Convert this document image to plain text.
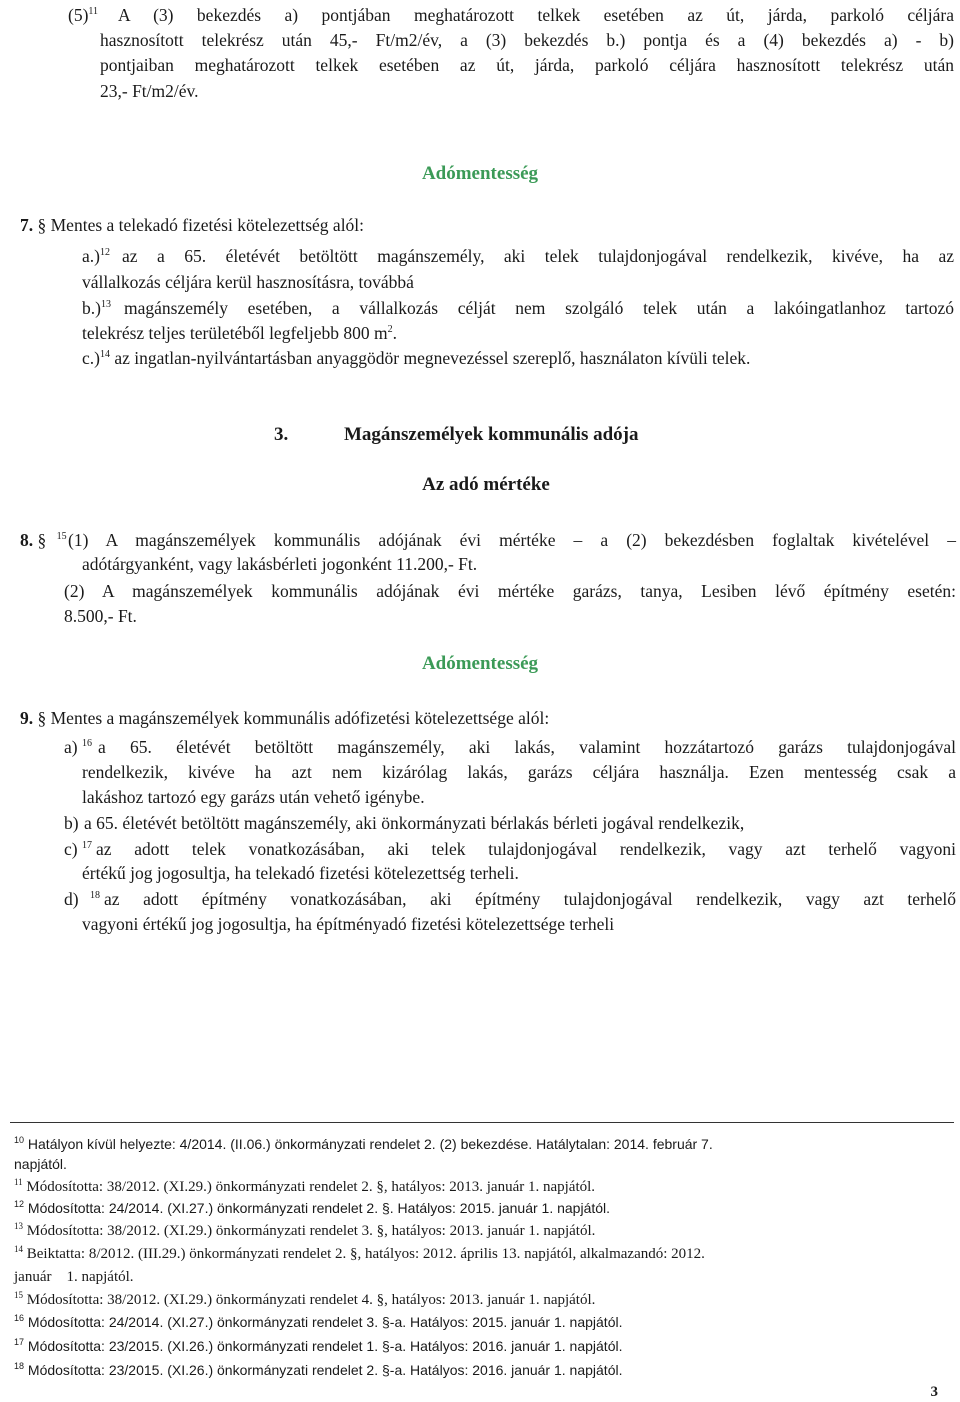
$(5)^{11}$ A (3) bekezdés a) pontjában meghatározott telkek esetében az út, járda, parkoló céljára
hasznosított telekrész után 45,- Ft/m2/év, a (3) bekezdés b.) pontja és a (4) bekezdés a) - b)
pontjaiban meghatározott telkek esetében az út, járda, parkoló céljára hasznosított telekrész után
23,- Ft/m2/év.
Adómentesség
7. § Mentes a telekadó fizetési kötelezettség alól:
a.)$^{12}$ az a 65. életévét betöltött magánszemély, aki telek tulajdonjogával rendelkezik, kivéve, ha az
vállalkozás céljára kerül hasznosításra, továbbá
b.)$^{13}$ magánszemély esetében, a vállalkozás célját nem szolgáló telek után a lakóingatlanhoz tartozó
telekrész teljes területéből legfeljebb 800 $m^2$.
c.)$^{14}$ az ingatlan-nyilvántartásban anyaggödör megnevezéssel szereplő, használaton kívüli telek.
3.	Magánszemélyek kommunális adója
Az adó mértéke
8. § $^{15}$ (1) A magánszemélyek kommunális adójának évi mértéke – a (2) bekezdésben foglaltak kivételével –
adótárgyanként, vagy lakásbérleti jogonként 11.200,- Ft.
(2) A magánszemélyek kommunális adójának évi mértéke garázs, tanya, Lesiben lévő építmény esetén:
8.500,- Ft.
Adómentesség
9. § Mentes a magánszemélyek kommunális adófizetési kötelezettsége alól:
a) $^{16}$ a 65. életévét betöltött magánszemély, aki lakás, valamint hozzátartozó garázs tulajdonjogával
rendelkezik, kivéve ha azt nem kizárólag lakás, garázs céljára használja. Ezen mentesség csak a
lakáshoz tartozó egy garázs után vehető igénybe.
b) a 65. életévét betöltött magánszemély, aki önkormányzati bérlakás bérleti jogával rendelkezik,
c) $^{17}$ az adott telek vonatkozásában, aki telek tulajdonjogával rendelkezik, vagy azt terhelő vagyoni
értékű jog jogosultja, ha telekadó fizetési kötelezettség terheli.
d) $^{18}$ az adott építmény vonatkozásában, aki építmény tulajdonjogával rendelkezik, vagy azt terhelő
vagyoni értékű jog jogosultja, ha építményadó fizetési kötelezettsége terheli
$^{10}$ Hatályon kívül helyezte: 4/2014. (II.06.) önkormányzati rendelet 2. (2) bekezdése. Hatálytalan: 2014. február 7.
napjától.
$^{11}$ Módosította: 38/2012. (XI.29.) önkormányzati rendelet 2. §, hatályos: 2013. január 1. napjától.
$^{12}$ Módosította: 24/2014. (XI.27.) önkormányzati rendelet 2. §. Hatályos: 2015. január 1. napjától.
$^{13}$ Módosította: 38/2012. (XI.29.) önkormányzati rendelet 3. §, hatályos: 2013. január 1. napjától.
$^{14}$ Beiktatta: 8/2012. (III.29.) önkormányzati rendelet 2. §, hatályos: 2012. április 13. napjától, alkalmazandó: 2012.
január    1. napjától.
$^{15}$ Módosította: 38/2012. (XI.29.) önkormányzati rendelet 4. §, hatályos: 2013. január 1. napjától.
$^{16}$ Módosította: 24/2014. (XI.27.) önkormányzati rendelet 3. §-a. Hatályos: 2015. január 1. napjától.
$^{17}$ Módosította: 23/2015. (XI.26.) önkormányzati rendelet 1. §-a. Hatályos: 2016. január 1. napjától.
$^{18}$ Módosította: 23/2015. (XI.26.) önkormányzati rendelet 2. §-a. Hatályos: 2016. január 1. napjától.
3
